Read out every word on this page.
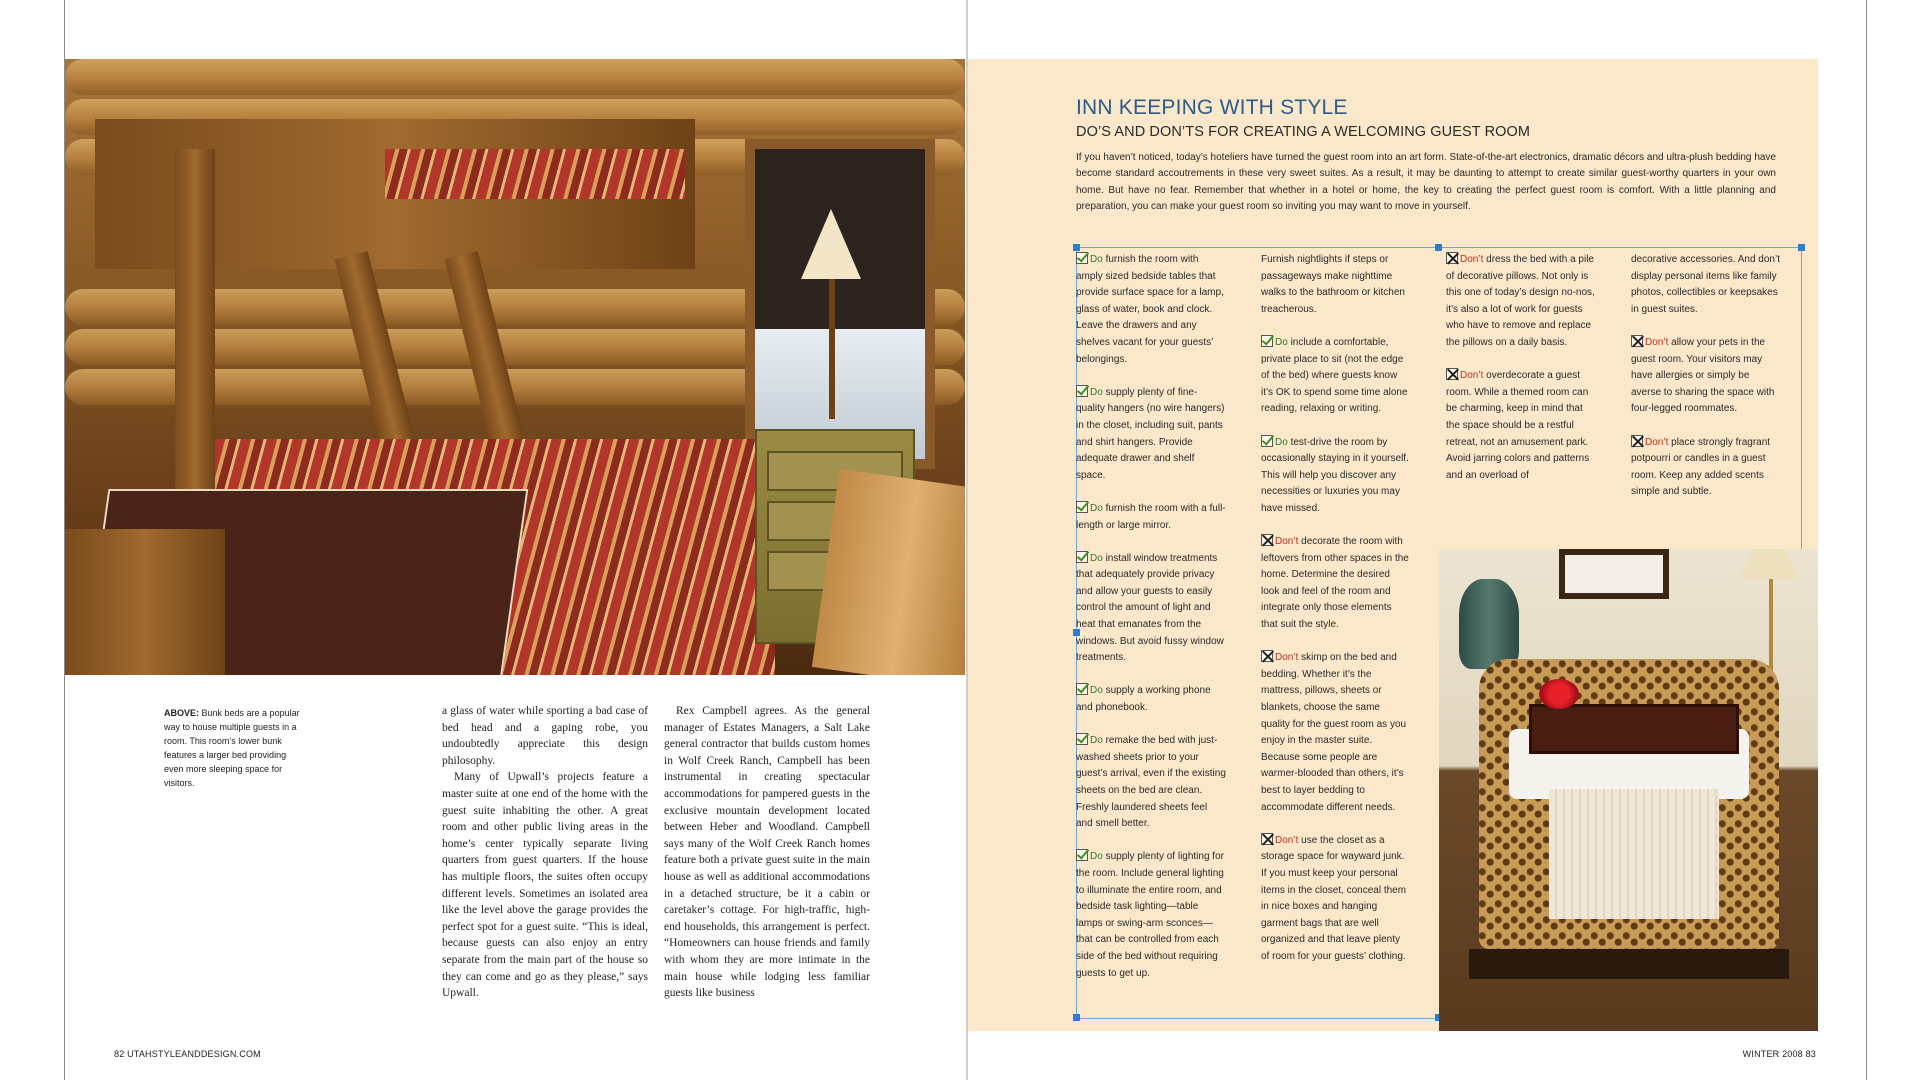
ABOVE: Bunk beds are a popular way to house multiple guests in a room. This room’s lower bunk features a larger bed providing even more sleeping space for visitors.

a glass of water while sporting a bad case of bed head and a gaping robe, you undoubtedly appreciate this design philosophy.

Many of Upwall’s projects feature a master suite at one end of the home with the guest suite inhabiting the other. A great room and other public living areas in the home’s center typically separate living quarters from guest quarters. If the house has multiple floors, the suites often occupy different levels. Sometimes an isolated area like the level above the garage provides the perfect spot for a guest suite. “This is ideal, because guests can also enjoy an entry separate from the main part of the house so they can come and go as they please,” says Upwall.

Rex Campbell agrees. As the general manager of Estates Managers, a Salt Lake general contractor that builds custom homes in Wolf Creek Ranch, Campbell has been instrumental in creating spectacular accommodations for pampered guests in the exclusive mountain development located between Heber and Woodland. Campbell says many of the Wolf Creek Ranch homes feature both a private guest suite in the main house as well as additional accommodations in a detached structure, be it a cabin or caretaker’s cottage. For high-traffic, high-end households, this arrangement is perfect. “Homeowners can house friends and family with whom they are more intimate in the main house while lodging less familiar guests like business

82 UTAHSTYLEANDDESIGN.COM
INN KEEPING WITH STYLE
DO’S AND DON’TS FOR CREATING A WELCOMING GUEST ROOM
If you haven’t noticed, today’s hoteliers have turned the guest room into an art form. State-of-the-art electronics, dramatic décors and ultra-plush bedding have become standard accoutrements in these very sweet suites. As a result, it may be daunting to attempt to create similar guest-worthy quarters in your own home. But have no fear. Remember that whether in a hotel or home, the key to creating the perfect guest room is comfort. With a little planning and preparation, you can make your guest room so inviting you may want to move in yourself.

Do furnish the room with amply sized bedside tables that provide surface space for a lamp, glass of water, book and clock. Leave the drawers and any shelves vacant for your guests’ belongings.

Do supply plenty of fine-quality hangers (no wire hangers) in the closet, including suit, pants and shirt hangers. Provide adequate drawer and shelf space.

Do furnish the room with a full-length or large mirror.

Do install window treatments that adequately provide privacy and allow your guests to easily control the amount of light and heat that emanates from the windows. But avoid fussy window treatments.

Do supply a working phone and phonebook.

Do remake the bed with just-washed sheets prior to your guest’s arrival, even if the existing sheets on the bed are clean. Freshly laundered sheets feel and smell better.

Do supply plenty of lighting for the room. Include general lighting to illuminate the entire room, and bedside task lighting—table lamps or swing-arm sconces—that can be controlled from each side of the bed without requiring guests to get up.

Furnish nightlights if steps or passageways make nighttime walks to the bathroom or kitchen treacherous.

Do include a comfortable, private place to sit (not the edge of the bed) where guests know it’s OK to spend some time alone reading, relaxing or writing.

Do test-drive the room by occasionally staying in it yourself. This will help you discover any necessities or luxuries you may have missed.

Don’t decorate the room with leftovers from other spaces in the home. Determine the desired look and feel of the room and integrate only those elements that suit the style.

Don’t skimp on the bed and bedding. Whether it’s the mattress, pillows, sheets or blankets, choose the same quality for the guest room as you enjoy in the master suite. Because some people are warmer-blooded than others, it’s best to layer bedding to accommodate different needs.

Don’t use the closet as a storage space for wayward junk. If you must keep your personal items in the closet, conceal them in nice boxes and hanging garment bags that are well organized and that leave plenty of room for your guests’ clothing.

Don’t dress the bed with a pile of decorative pillows. Not only is this one of today’s design no-nos, it’s also a lot of work for guests who have to remove and replace the pillows on a daily basis.

Don’t overdecorate a guest room. While a themed room can be charming, keep in mind that the space should be a restful retreat, not an amusement park. Avoid jarring colors and patterns and an overload of

decorative accessories. And don’t display personal items like family photos, collectibles or keepsakes in guest suites.

Don’t allow your pets in the guest room. Your visitors may have allergies or simply be averse to sharing the space with four-legged roommates.

Don’t place strongly fragrant potpourri or candles in a guest room. Keep any added scents simple and subtle.

WINTER 2008 83
